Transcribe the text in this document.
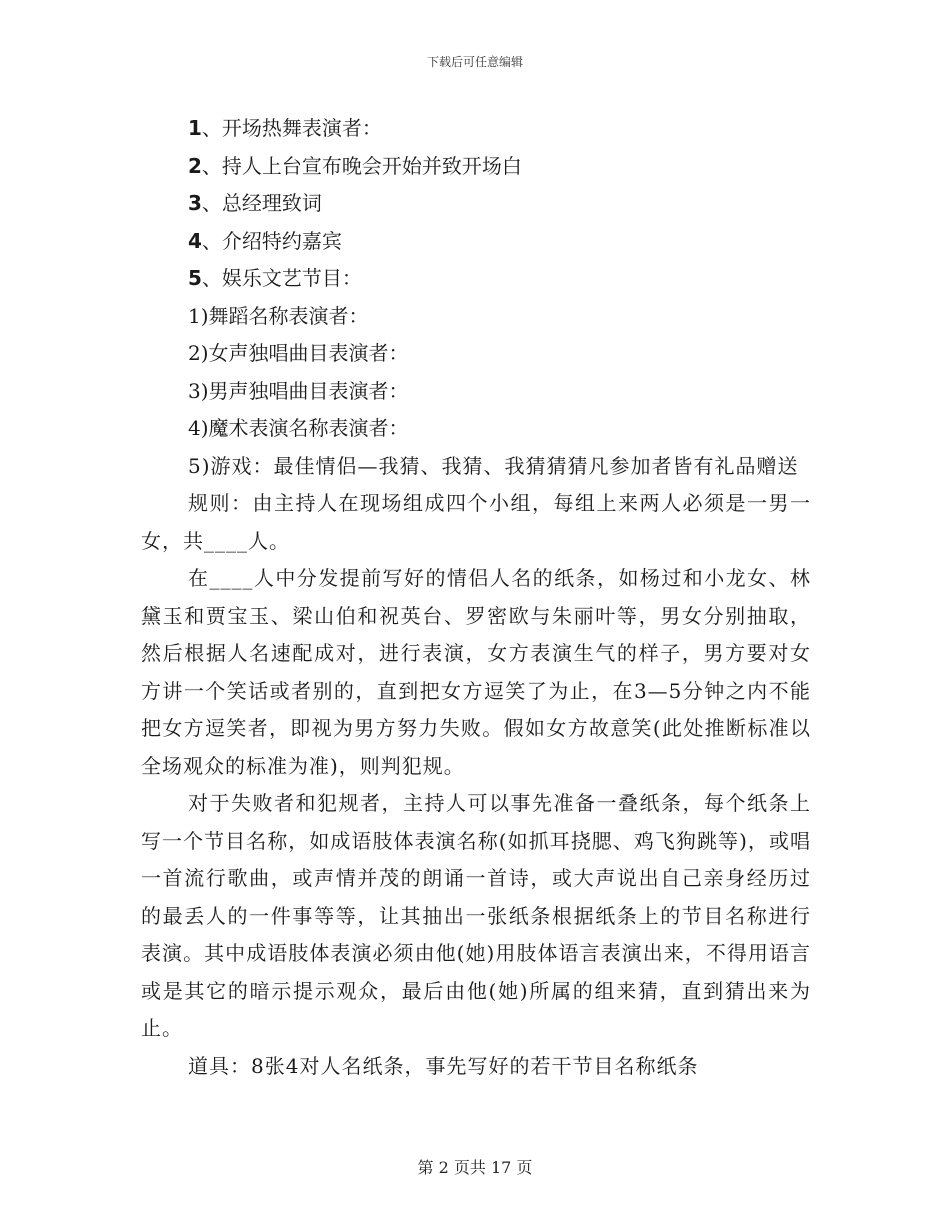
下载后可任意编辑

1、开场热舞表演者：

2、持人上台宣布晚会开始并致开场白

3、总经理致词

4、介绍特约嘉宾

5、娱乐文艺节目：

1)舞蹈名称表演者：

2)女声独唱曲目表演者：

3)男声独唱曲目表演者：

4)魔术表演名称表演者：

5)游戏：最佳情侣—我猜、我猜、我猜猜猜凡参加者皆有礼品赠送

规则：由主持人在现场组成四个小组，每组上来两人必须是一男一女，共____人。

在____人中分发提前写好的情侣人名的纸条，如杨过和小龙女、林黛玉和贾宝玉、梁山伯和祝英台、罗密欧与朱丽叶等，男女分别抽取，然后根据人名速配成对，进行表演，女方表演生气的样子，男方要对女方讲一个笑话或者别的，直到把女方逗笑了为止，在3—5分钟之内不能把女方逗笑者，即视为男方努力失败。假如女方故意笑(此处推断标准以全场观众的标准为准)，则判犯规。

对于失败者和犯规者，主持人可以事先准备一叠纸条，每个纸条上写一个节目名称，如成语肢体表演名称(如抓耳挠腮、鸡飞狗跳等)，或唱一首流行歌曲，或声情并茂的朗诵一首诗，或大声说出自己亲身经历过的最丢人的一件事等等，让其抽出一张纸条根据纸条上的节目名称进行表演。其中成语肢体表演必须由他(她)用肢体语言表演出来，不得用语言或是其它的暗示提示观众，最后由他(她)所属的组来猜，直到猜出来为止。

道具：8张4对人名纸条，事先写好的若干节目名称纸条

第 2 页共 17 页
